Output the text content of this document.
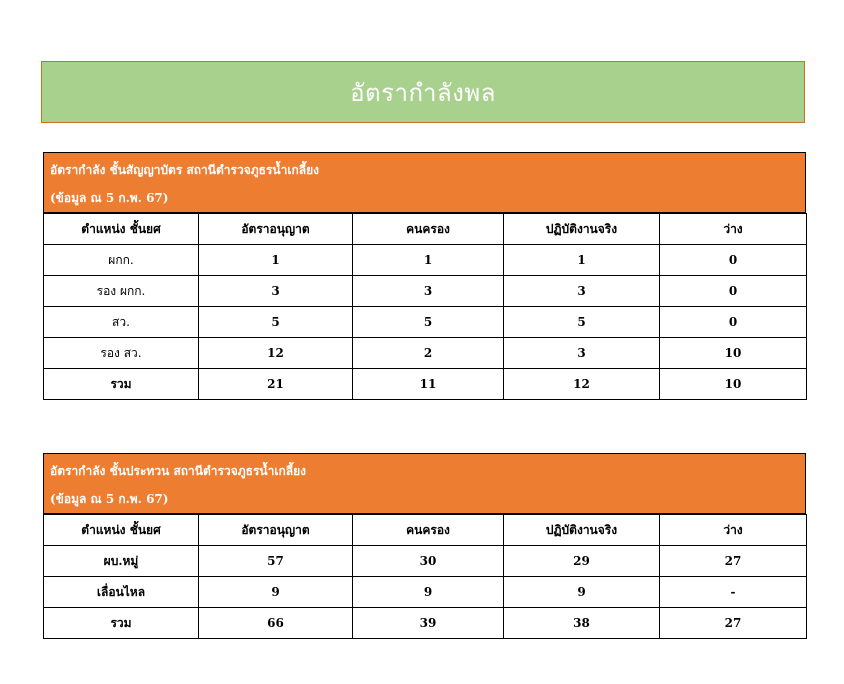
อัตรากำลังพล
อัตรากำลัง ชั้นสัญญาบัตร สถานีตำรวจภูธรน้ำเกลี้ยง
(ข้อมูล ณ 5 ก.พ. 67)
ตำแหน่ง ชั้นยศ	อัตราอนุญาต	คนครอง	ปฏิบัติงานจริง	ว่าง
ผกก.	1	1	1	0
รอง ผกก.	3	3	3	0
สว.	5	5	5	0
รอง สว.	12	2	3	10
รวม	21	11	12	10
อัตรากำลัง ชั้นประทวน สถานีตำรวจภูธรน้ำเกลี้ยง
(ข้อมูล ณ 5 ก.พ. 67)
ตำแหน่ง ชั้นยศ	อัตราอนุญาต	คนครอง	ปฏิบัติงานจริง	ว่าง
ผบ.หมู่	57	30	29	27
เลื่อนไหล	9	9	9	-
รวม	66	39	38	27
